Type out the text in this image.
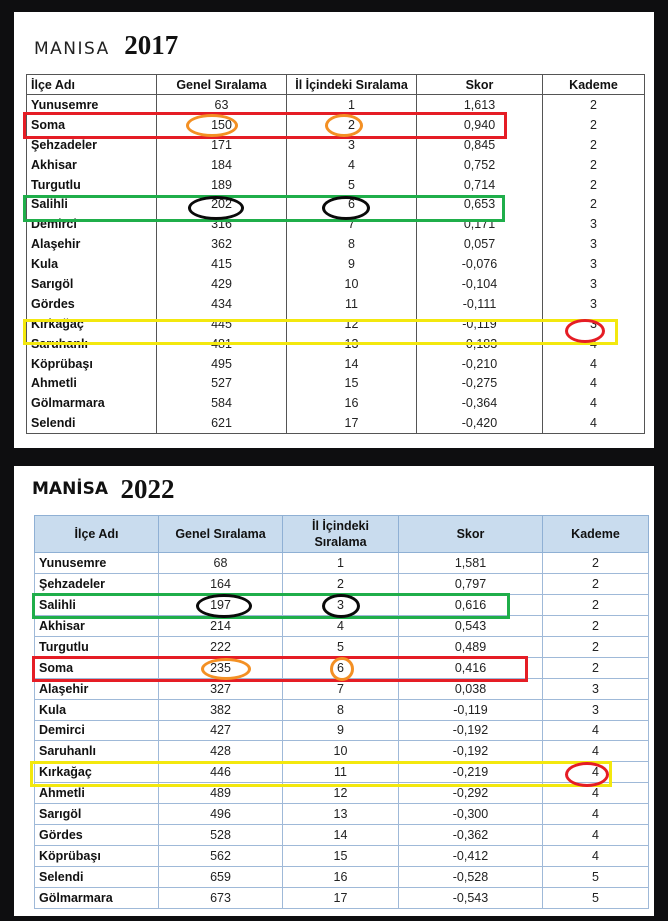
MANISA 2017
İlçe Adı	Genel Sıralama	İl İçindeki Sıralama	Skor	Kademe
Yunusemre	63	1	1,613	2
Soma	150	2	0,940	2
Şehzadeler	171	3	0,845	2
Akhisar	184	4	0,752	2
Turgutlu	189	5	0,714	2
Salihli	202	6	0,653	2
Demirci	316	7	0,171	3
Alaşehir	362	8	0,057	3
Kula	415	9	-0,076	3
Sarıgöl	429	10	-0,104	3
Gördes	434	11	-0,111	3
Kırkağaç	445	12	-0,119	3
Saruhanlı	481	13	-0,183	4
Köprübaşı	495	14	-0,210	4
Ahmetli	527	15	-0,275	4
Gölmarmara	584	16	-0,364	4
Selendi	621	17	-0,420	4
MANİSA 2022
İlçe Adı	Genel Sıralama	İl İçindeki Sıralama	Skor	Kademe
Yunusemre	68	1	1,581	2
Şehzadeler	164	2	0,797	2
Salihli	197	3	0,616	2
Akhisar	214	4	0,543	2
Turgutlu	222	5	0,489	2
Soma	235	6	0,416	2
Alaşehir	327	7	0,038	3
Kula	382	8	-0,119	3
Demirci	427	9	-0,192	4
Saruhanlı	428	10	-0,192	4
Kırkağaç	446	11	-0,219	4
Ahmetli	489	12	-0,292	4
Sarıgöl	496	13	-0,300	4
Gördes	528	14	-0,362	4
Köprübaşı	562	15	-0,412	4
Selendi	659	16	-0,528	5
Gölmarmara	673	17	-0,543	5
